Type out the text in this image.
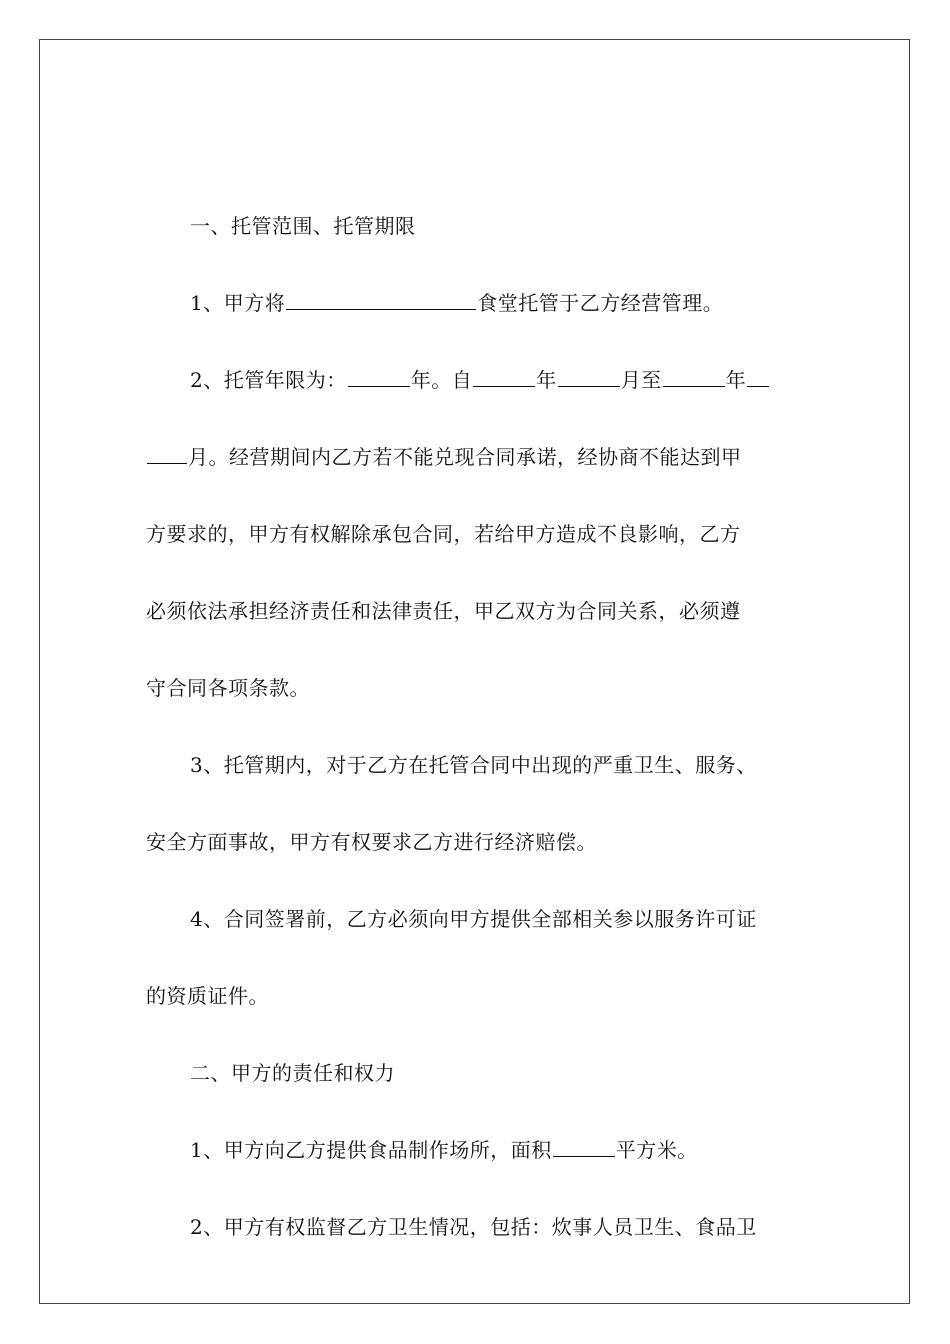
一、托管范围、托管期限
1、甲方将	食堂托管于乙方经营管理。
2、托管年限为：	年。自	年	月至	年
月。经营期间内乙方若不能兑现合同承诺，经协商不能达到甲
方要求的，甲方有权解除承包合同，若给甲方造成不良影响，乙方
必须依法承担经济责任和法律责任，甲乙双方为合同关系，必须遵
守合同各项条款。
3、托管期内，对于乙方在托管合同中出现的严重卫生、服务、
安全方面事故，甲方有权要求乙方进行经济赔偿。
4、合同签署前，乙方必须向甲方提供全部相关参以服务许可证
的资质证件。
二、甲方的责任和权力
1、甲方向乙方提供食品制作场所，面积	平方米。
2、甲方有权监督乙方卫生情况，包括：炊事人员卫生、食品卫
